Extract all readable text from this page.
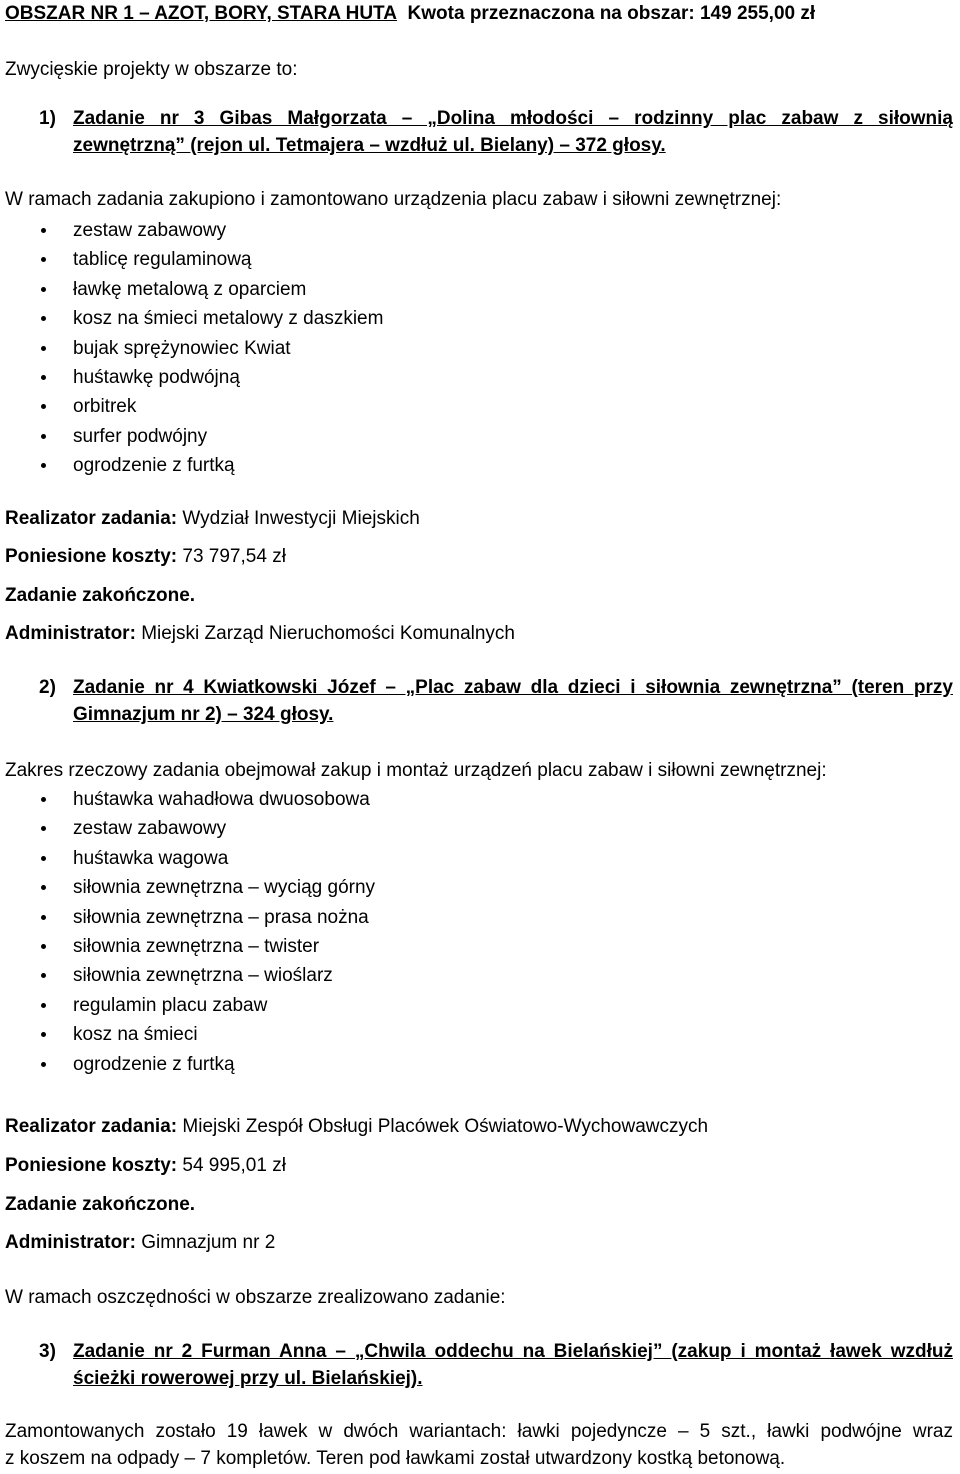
OBSZAR NR 1 – AZOT, BORY, STARA HUTA Kwota przeznaczona na obszar: 149 255,00 zł
Zwycięskie projekty w obszarze to:
1) Zadanie nr 3 Gibas Małgorzata – „Dolina młodości – rodzinny plac zabaw z siłownią
zewnętrzną” (rejon ul. Tetmajera – wzdłuż ul. Bielany) – 372 głosy.
W ramach zadania zakupiono i zamontowano urządzenia placu zabaw i siłowni zewnętrznej:
zestaw zabawowy
tablicę regulaminową
ławkę metalową z oparciem
kosz na śmieci metalowy z daszkiem
bujak sprężynowiec Kwiat
huśtawkę podwójną
orbitrek
surfer podwójny
ogrodzenie z furtką
Realizator zadania: Wydział Inwestycji Miejskich
Poniesione koszty: 73 797,54 zł
Zadanie zakończone.
Administrator: Miejski Zarząd Nieruchomości Komunalnych
2) Zadanie nr 4 Kwiatkowski Józef – „Plac zabaw dla dzieci i siłownia zewnętrzna” (teren przy
Gimnazjum nr 2) – 324 głosy.
Zakres rzeczowy zadania obejmował zakup i montaż urządzeń placu zabaw i siłowni zewnętrznej:
huśtawka wahadłowa dwuosobowa
zestaw zabawowy
huśtawka wagowa
siłownia zewnętrzna – wyciąg górny
siłownia zewnętrzna – prasa nożna
siłownia zewnętrzna – twister
siłownia zewnętrzna – wioślarz
regulamin placu zabaw
kosz na śmieci
ogrodzenie z furtką
Realizator zadania: Miejski Zespół Obsługi Placówek Oświatowo-Wychowawczych
Poniesione koszty: 54 995,01 zł
Zadanie zakończone.
Administrator: Gimnazjum nr 2
W ramach oszczędności w obszarze zrealizowano zadanie:
3) Zadanie nr 2 Furman Anna – „Chwila oddechu na Bielańskiej” (zakup i montaż ławek wzdłuż
ścieżki rowerowej przy ul. Bielańskiej).
Zamontowanych zostało 19 ławek w dwóch wariantach: ławki pojedyncze – 5 szt., ławki podwójne wraz
z koszem na odpady – 7 kompletów. Teren pod ławkami został utwardzony kostką betonową.
